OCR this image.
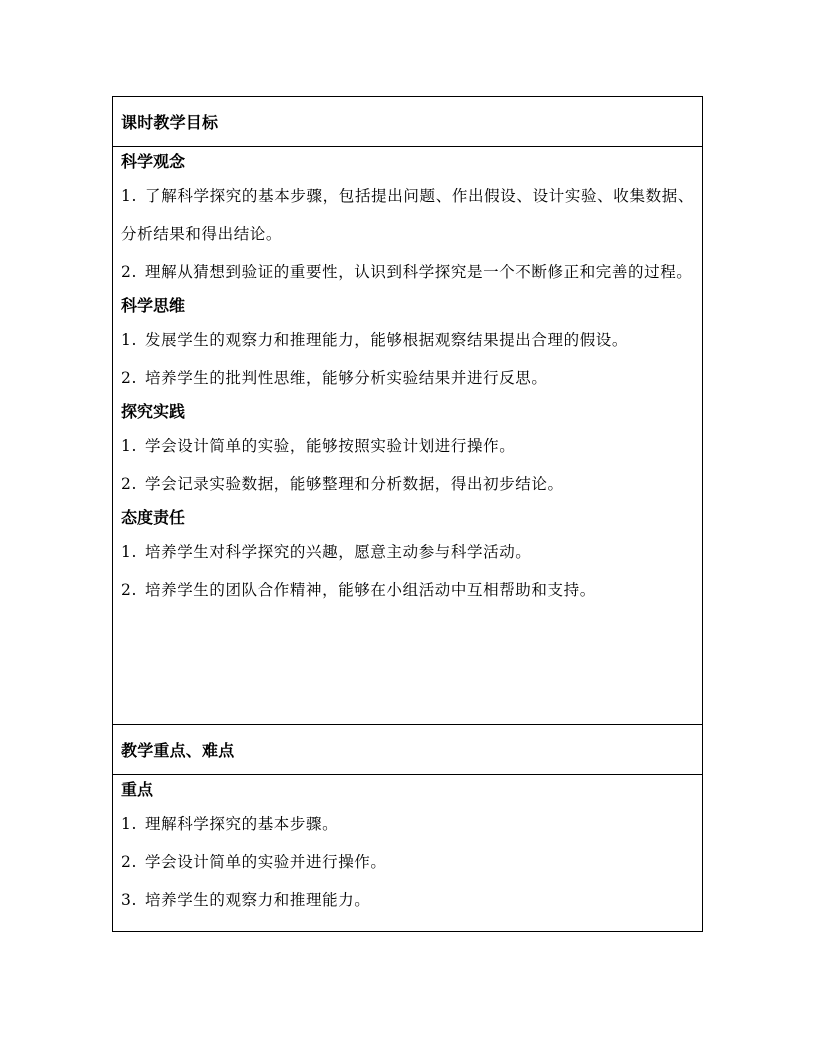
课时教学目标
科学观念
1. 了解科学探究的基本步骤，包括提出问题、作出假设、设计实验、收集数据、分析结果和得出结论。
2. 理解从猜想到验证的重要性，认识到科学探究是一个不断修正和完善的过程。
科学思维
1. 发展学生的观察力和推理能力，能够根据观察结果提出合理的假设。
2. 培养学生的批判性思维，能够分析实验结果并进行反思。
探究实践
1. 学会设计简单的实验，能够按照实验计划进行操作。
2. 学会记录实验数据，能够整理和分析数据，得出初步结论。
态度责任
1. 培养学生对科学探究的兴趣，愿意主动参与科学活动。
2. 培养学生的团队合作精神，能够在小组活动中互相帮助和支持。
教学重点、难点
重点
1. 理解科学探究的基本步骤。
2. 学会设计简单的实验并进行操作。
3. 培养学生的观察力和推理能力。
